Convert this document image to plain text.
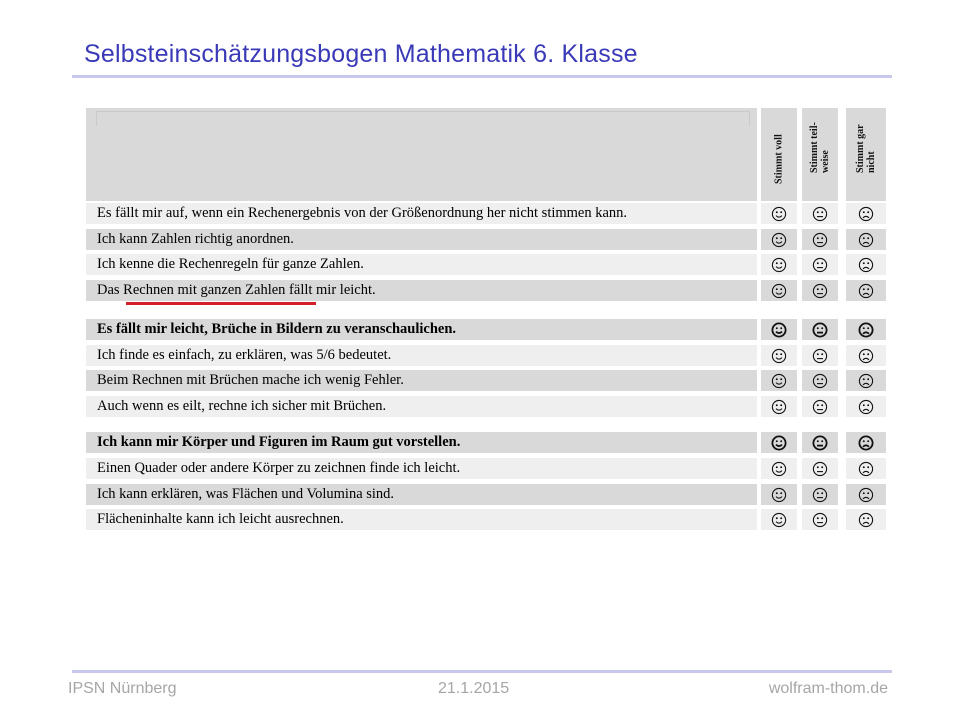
Selbsteinschätzungsbogen Mathematik 6. Klasse
Stimmt voll Stimmt teil-
weise Stimmt gar
nicht
Es fällt mir auf, wenn ein Rechenergebnis von der Größenordnung her nicht stimmen kann.
Ich kann Zahlen richtig anordnen.
Ich kenne die Rechenregeln für ganze Zahlen.
Das Rechnen mit ganzen Zahlen fällt mir leicht.
Es fällt mir leicht, Brüche in Bildern zu veranschaulichen.
Ich finde es einfach, zu erklären, was 5/6 bedeutet.
Beim Rechnen mit Brüchen mache ich wenig Fehler.
Auch wenn es eilt, rechne ich sicher mit Brüchen.
Ich kann mir Körper und Figuren im Raum gut vorstellen.
Einen Quader oder andere Körper zu zeichnen finde ich leicht.
Ich kann erklären, was Flächen und Volumina sind.
Flächeninhalte kann ich leicht ausrechnen.
IPSN Nürnberg	21.1.2015	wolfram-thom.de
